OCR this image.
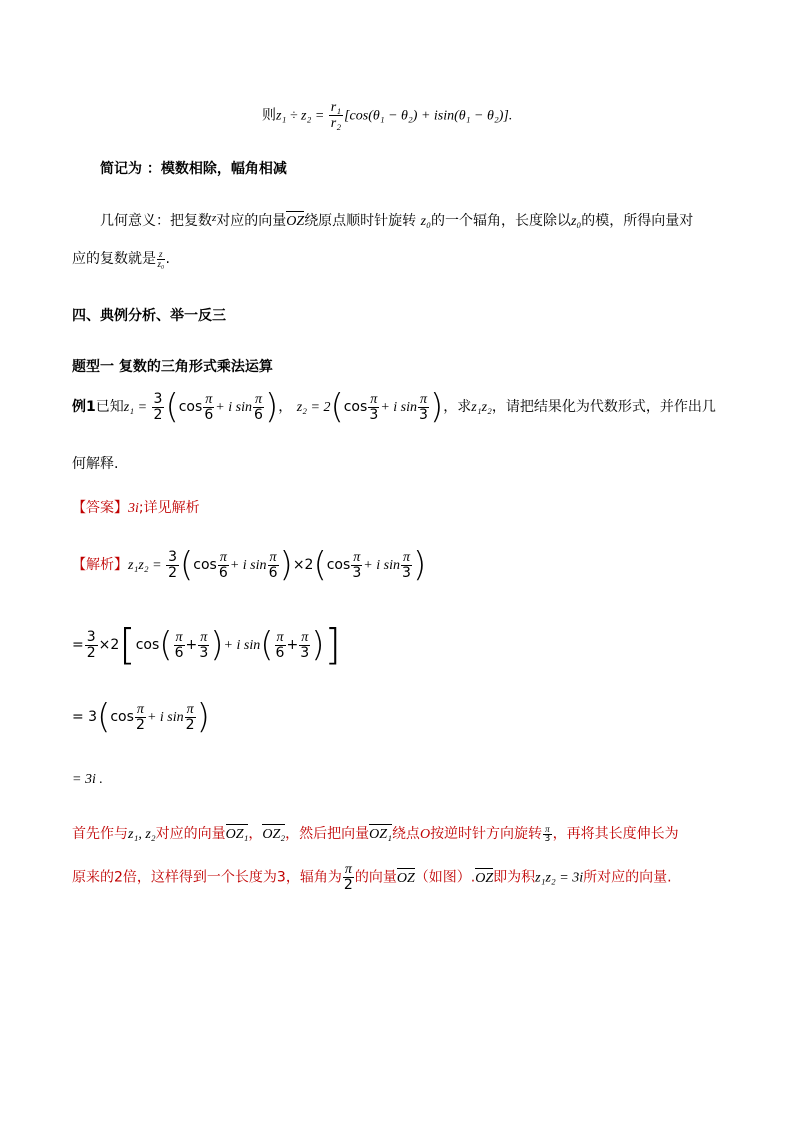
则$z_1 \div z_2 = \frac{\text{r₁}}{\text{r₂}} [\cos(\theta_1 - \theta_2) + isin(\theta_1 - \theta_2)]$.
简记为 ：模数相除，幅角相减
几何意义：把复数$^z$对应的向量OZ绕原点顺时针旋转 z₀的一个辐角，长度除以z₀的模，所得向量对
应的复数就是 $\frac{z}{\text{z₀}}$ .
四、典例分析、举一反三
题型一 复数的三角形式乘法运算
例1已知$z_1 = \frac{3}{2} (\cos \frac{\pi}{6} + i$ $\sin \frac{\pi}{6}$ )， $z_2 = 2(\cos \frac{\pi}{3} + i$ $\sin \frac{\pi}{3}$ )，求z₁z₂，请把结果化为代数形式，并作出几
何解释.
【答案】3i;详见解析
【解析】$z_1z_2 = \frac{3}{2} (\cos \frac{\pi}{6} + i$ $\sin \frac{\pi}{6} )\times 2(\cos \frac{\pi}{3} + i$ $\sin \frac{\pi}{3}$ )
= $\frac{3}{2} \times 2[\cos( \frac{\pi}{6} + \frac{\pi}{3}$ )+ i $\sin( \frac{\pi}{6} + \frac{\pi}{3}$ )]
= $3(\cos \frac{\pi}{2} + i$ $\sin \frac{\pi}{2}$ )
= 3i .
首先作与z₁, z₂对应的向量OZ₁，OZ₂，然后把向量OZ₁绕点O按逆时针方向旋转 $\frac{\pi}{3}$ ，再将其长度伸长为
原来的2倍，这样得到一个长度为3，辐角为 $\frac{\pi}{2}$ 的向量OZ（如图）.OZ即为积z₁z₂ = 3i所对应的向量.
